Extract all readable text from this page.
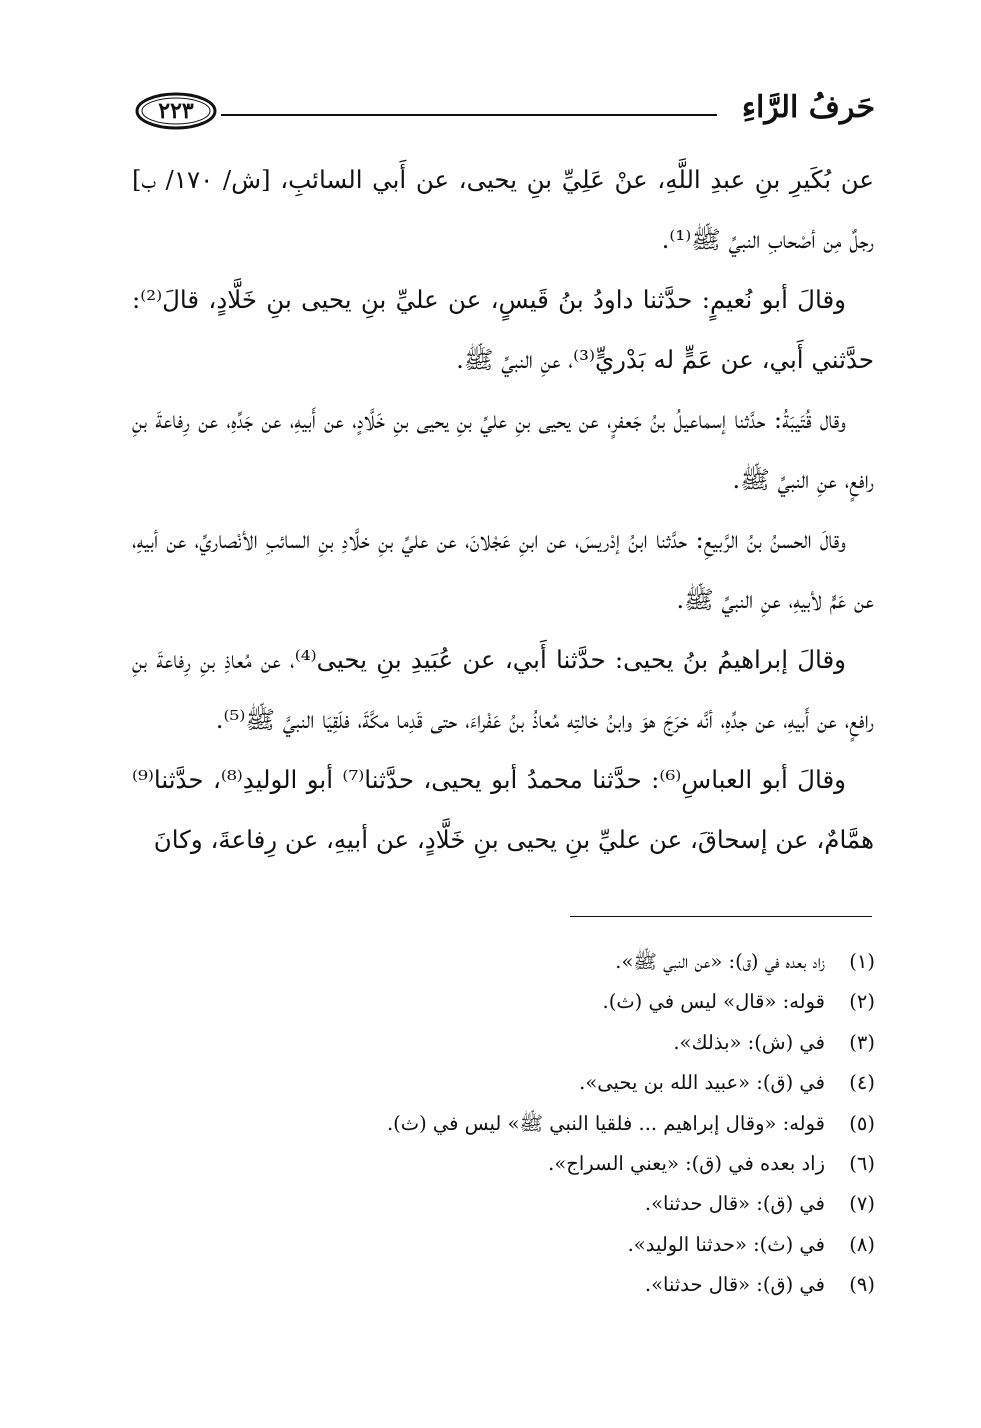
حَرفُ الرَّاءِ
٢٢٣

عن بُكَيرِ بنِ عبدِ اللَّهِ، عنْ عَلِيِّ بنِ يحيى، عن أَبي السائبِ، [ش/ ١٧٠/ ب] رجلٌ مِن أصْحابِ النبيِّ ﷺ⁽¹⁾.

وقالَ أبو نُعيمٍ: حدَّثنا داودُ بنُ قَيسٍ، عن عليِّ بنِ يحيى بنِ خَلَّادٍ، قالَ⁽²⁾: حدَّثني أَبي، عن عَمٍّ له بَدْريٍّ⁽³⁾، عنِ النبيِّ ﷺ.

وقال قُتَيبَةُ: حدَّثنا إسماعيلُ بنُ جَعفرٍ، عن يحيى بنِ عليِّ بنِ يحيى بنِ خَلَّادٍ، عن أَبيهِ، عن جَدِّهِ، عن رِفاعةَ بنِ رافعٍ، عنِ النبيِّ ﷺ.

وقالَ الحسنُ بنُ الرَّبيعِ: حدَّثنا ابنُ إدْريسَ، عن ابنِ عَجْلانَ، عن عليِّ بنِ خلَّادِ بنِ السائبِ الأنْصاريِّ، عن أبيهِ، عن عَمٍّ لأبيهِ، عنِ النبيِّ ﷺ.

وقالَ إبراهيمُ بنُ يحيى: حدَّثنا أَبي، عن عُبَيدِ بنِ يحيى⁽⁴⁾، عن مُعاذِ بنِ رِفاعةَ بنِ رافعٍ، عن أَبيهِ، عن جدِّهِ، أنَّه خرَجَ هوَ وابنُ خالتِه مُعاذُ بنُ عَفْراءَ، حتى قَدِما مكَّةَ، فلَقِيَا النبيَّ ﷺ⁽⁵⁾.

وقالَ أبو العباسِ⁽⁶⁾: حدَّثنا محمدُ أبو يحيى، حدَّثنا⁽⁷⁾ أبو الوليدِ⁽⁸⁾، حدَّثنا⁽⁹⁾ همَّامٌ، عن إسحاقَ، عن عليِّ بنِ يحيى بنِ خَلَّادٍ، عن أبيهِ، عن رِفاعةَ، وكانَ

(١)زاد بعده في (ق): «عن النبي ﷺ».
(٢)قوله: «قال» ليس في (ث).
(٣)في (ش): «بذلك».
(٤)في (ق): «عبيد الله بن يحيى».
(٥)قوله: «وقال إبراهيم ... فلقيا النبي ﷺ» ليس في (ث).
(٦)زاد بعده في (ق): «يعني السراج».
(٧)في (ق): «قال حدثنا».
(٨)في (ث): «حدثنا الوليد».
(٩)في (ق): «قال حدثنا».
